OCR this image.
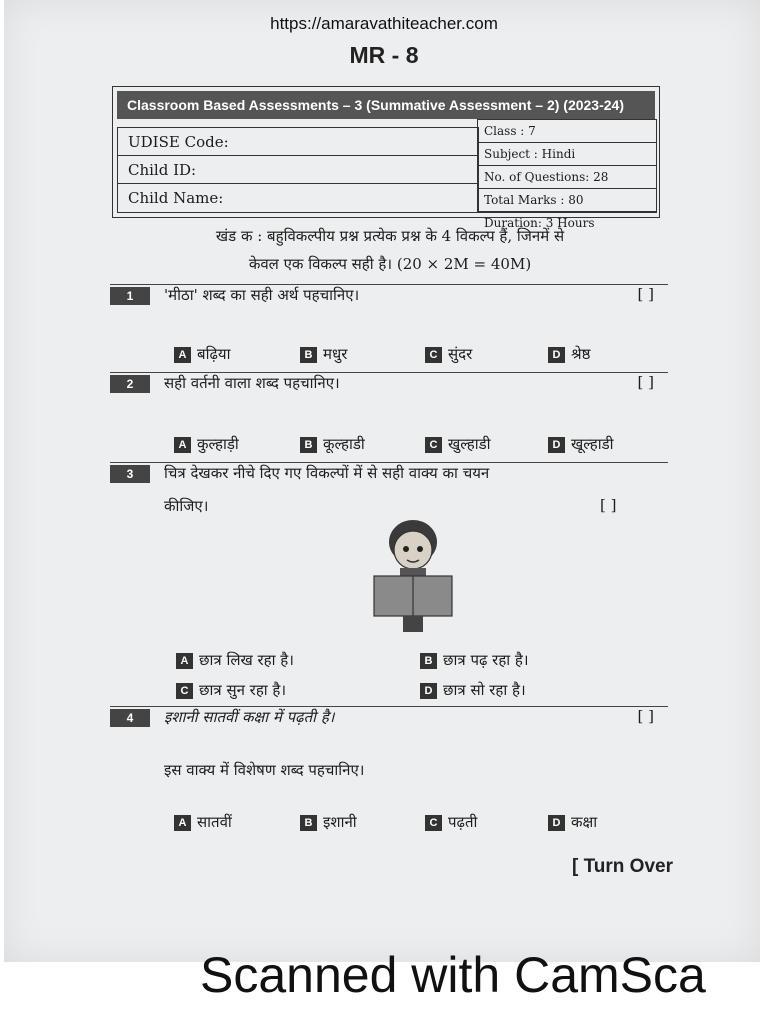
https://amaravathiteacher.com
MR - 8
Classroom Based Assessments – 3 (Summative Assessment – 2) (2023-24)
UDISE Code:
Child ID:
Child Name:
Class : 7
Subject : Hindi
No. of Questions: 28
Total Marks : 80
Duration: 3 Hours
खंड क : बहुविकल्पीय प्रश्न प्रत्येक प्रश्न के 4 विकल्प हैं, जिनमें से
केवल एक विकल्प सही है। (20 × 2M = 40M)
1	'मीठा' शब्द का सही अर्थ पहचानिए।	[ ]
A बढ़िया	B मधुर	C सुंदर	D श्रेष्ठ
2	सही वर्तनी वाला शब्द पहचानिए।	[ ]
A कुल्हाड़ी	B कूल्हाडी	C खुल्हाडी	D खूल्हाडी
3	चित्र देखकर नीचे दिए गए विकल्पों में से सही वाक्य का चयन
कीजिए।	[ ]
A छात्र लिख रहा है।	B छात्र पढ़ रहा है।
C छात्र सुन रहा है।	D छात्र सो रहा है।
4	इशानी सातवीं कक्षा में पढ़ती है।	[ ]
इस वाक्य में विशेषण शब्द पहचानिए।
A सातवीं	B इशानी	C पढ़ती	D कक्षा
[ Turn Over
Scanned with CamSca
